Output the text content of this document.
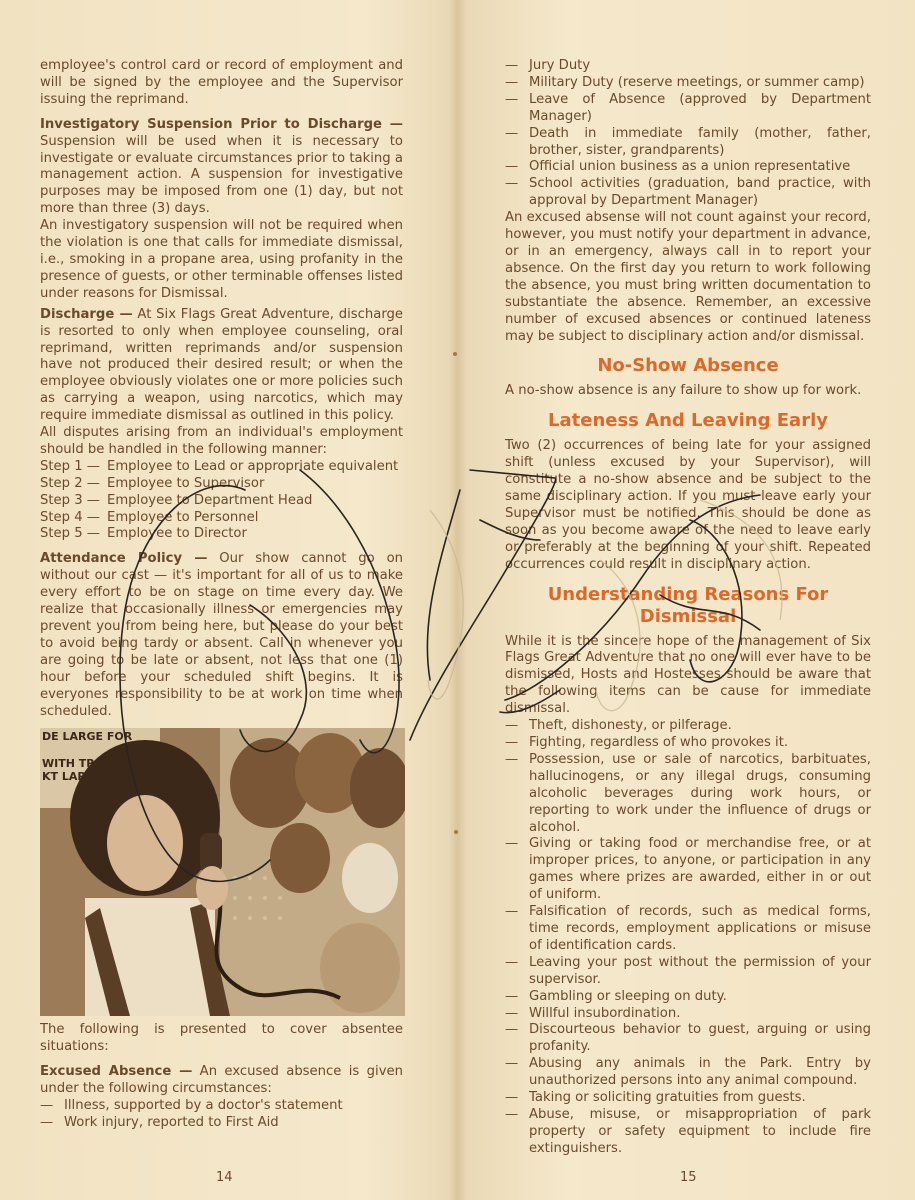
employee's control card or record of employment and will be signed by the employee and the Supervisor issuing the reprimand.

Investigatory Suspension Prior to Discharge — Suspension will be used when it is necessary to investigate or evaluate circumstances prior to taking a management action. A suspension for investigative purposes may be imposed from one (1) day, but not more than three (3) days.

An investigatory suspension will not be required when the violation is one that calls for immediate dismissal, i.e., smoking in a propane area, using profanity in the presence of guests, or other terminable offenses listed under reasons for Dismissal.

Discharge — At Six Flags Great Adventure, discharge is resorted to only when employee counseling, oral reprimand, written reprimands and/or suspension have not produced their desired result; or when the employee obviously violates one or more policies such as carrying a weapon, using narcotics, which may require immediate dismissal as outlined in this policy.

All disputes arising from an individual's employment should be handled in the following manner:

Step 1 — Employee to Lead or appropriate equivalent
Step 2 — Employee to Supervisor
Step 3 — Employee to Department Head
Step 4 — Employee to Personnel
Step 5 — Employee to Director

Attendance Policy — Our show cannot go on without our cast — it's important for all of us to make every effort to be on stage on time every day. We realize that occasionally illness or emergencies may prevent you from being here, but please do your best to avoid being tardy or absent. Call in whenever you are going to be late or absent, not less that one (1) hour before your scheduled shift begins. It is everyones responsibility to be at work on time when scheduled.

DE LARGE FOR
WITH TRAVEL
KT LARGE

The following is presented to cover absentee situations:

Excused Absence — An excused absence is given under the following circumstances:

— Illness, supported by a doctor's statement
— Work injury, reported to First Aid
14
— Jury Duty
— Military Duty (reserve meetings, or summer camp)
— Leave of Absence (approved by Department Manager)
— Death in immediate family (mother, father, brother, sister, grandparents)
— Official union business as a union representative
— School activities (graduation, band practice, with approval by Department Manager)

An excused absense will not count against your record, however, you must notify your department in advance, or in an emergency, always call in to report your absence. On the first day you return to work following the absence, you must bring written documentation to substantiate the absence. Remember, an excessive number of excused absences or continued lateness may be subject to disciplinary action and/or dismissal.

No-Show Absence

A no-show absence is any failure to show up for work.

Lateness And Leaving Early

Two (2) occurrences of being late for your assigned shift (unless excused by your Supervisor), will constitute a no-show absence and be subject to the same disciplinary action. If you must leave early your Supervisor must be notified. This should be done as soon as you become aware of the need to leave early or preferably at the beginning of your shift. Repeated occurrences could result in disciplinary action.

Understanding Reasons For Dismissal

While it is the sincere hope of the management of Six Flags Great Adventure that no one will ever have to be dismissed, Hosts and Hostesses should be aware that the following items can be cause for immediate dismissal.

— Theft, dishonesty, or pilferage.
— Fighting, regardless of who provokes it.
— Possession, use or sale of narcotics, barbituates, hallucinogens, or any illegal drugs, consuming alcoholic beverages during work hours, or reporting to work under the influence of drugs or alcohol.
— Giving or taking food or merchandise free, or at improper prices, to anyone, or participation in any games where prizes are awarded, either in or out of uniform.
— Falsification of records, such as medical forms, time records, employment applications or misuse of identification cards.
— Leaving your post without the permission of your supervisor.
— Gambling or sleeping on duty.
— Willful insubordination.
— Discourteous behavior to guest, arguing or using profanity.
— Abusing any animals in the Park. Entry by unauthorized persons into any animal compound.
— Taking or soliciting gratuities from guests.
— Abuse, misuse, or misappropriation of park property or safety equipment to include fire extinguishers.
15
